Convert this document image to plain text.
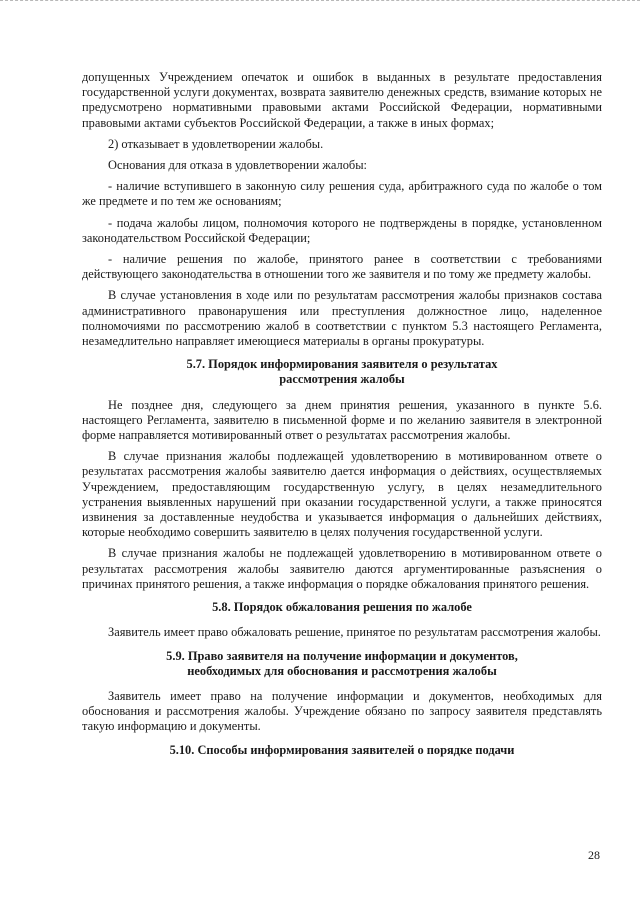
допущенных Учреждением опечаток и ошибок в выданных в результате предоставления государственной услуги документах, возврата заявителю денежных средств, взимание которых не предусмотрено нормативными правовыми актами Российской Федерации, нормативными правовыми актами субъектов Российской Федерации, а также в иных формах;

2) отказывает в удовлетворении жалобы.

Основания для отказа в удовлетворении жалобы:

- наличие вступившего в законную силу решения суда, арбитражного суда по жалобе о том же предмете и по тем же основаниям;

- подача жалобы лицом, полномочия которого не подтверждены в порядке, установленном законодательством Российской Федерации;

- наличие решения по жалобе, принятого ранее в соответствии с требованиями действующего законодательства в отношении того же заявителя и по тому же предмету жалобы.

В случае установления в ходе или по результатам рассмотрения жалобы признаков состава административного правонарушения или преступления должностное лицо, наделенное полномочиями по рассмотрению жалоб в соответствии с пунктом 5.3 настоящего Регламента, незамедлительно направляет имеющиеся материалы в органы прокуратуры.

5.7. Порядок информирования заявителя о результатах
рассмотрения жалобы

Не позднее дня, следующего за днем принятия решения, указанного в пункте 5.6. настоящего Регламента, заявителю в письменной форме и по желанию заявителя в электронной форме направляется мотивированный ответ о результатах рассмотрения жалобы.

В случае признания жалобы подлежащей удовлетворению в мотивированном ответе о результатах рассмотрения жалобы заявителю дается информация о действиях, осуществляемых Учреждением, предоставляющим государственную услугу, в целях незамедлительного устранения выявленных нарушений при оказании государственной услуги, а также приносятся извинения за доставленные неудобства и указывается информация о дальнейших действиях, которые необходимо совершить заявителю в целях получения государственной услуги.

В случае признания жалобы не подлежащей удовлетворению в мотивированном ответе о результатах рассмотрения жалобы заявителю даются аргументированные разъяснения о причинах принятого решения, а также информация о порядке обжалования принятого решения.

5.8. Порядок обжалования решения по жалобе

Заявитель имеет право обжаловать решение, принятое по результатам рассмотрения жалобы.

5.9. Право заявителя на получение информации и документов,
необходимых для обоснования и рассмотрения жалобы

Заявитель имеет право на получение информации и документов, необходимых для обоснования и рассмотрения жалобы. Учреждение обязано по запросу заявителя представлять такую информацию и документы.

5.10. Способы информирования заявителей о порядке подачи
28
